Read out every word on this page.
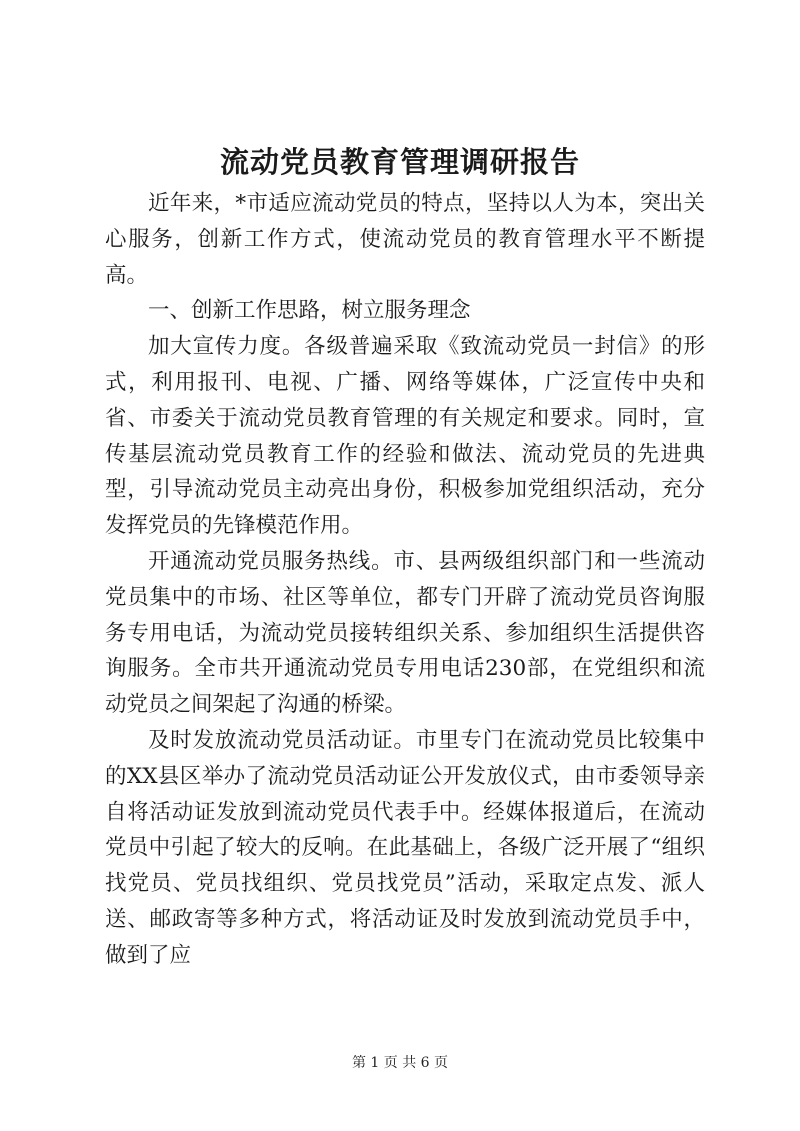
流动党员教育管理调研报告

近年来，*市适应流动党员的特点，坚持以人为本，突出关心服务，创新工作方式，使流动党员的教育管理水平不断提高。

一、创新工作思路，树立服务理念

加大宣传力度。各级普遍采取《致流动党员一封信》的形式，利用报刊、电视、广播、网络等媒体，广泛宣传中央和省、市委关于流动党员教育管理的有关规定和要求。同时，宣传基层流动党员教育工作的经验和做法、流动党员的先进典型，引导流动党员主动亮出身份，积极参加党组织活动，充分发挥党员的先锋模范作用。

开通流动党员服务热线。市、县两级组织部门和一些流动党员集中的市场、社区等单位，都专门开辟了流动党员咨询服务专用电话，为流动党员接转组织关系、参加组织生活提供咨询服务。全市共开通流动党员专用电话230部，在党组织和流动党员之间架起了沟通的桥梁。

及时发放流动党员活动证。市里专门在流动党员比较集中的XX县区举办了流动党员活动证公开发放仪式，由市委领导亲自将活动证发放到流动党员代表手中。经媒体报道后，在流动党员中引起了较大的反响。在此基础上，各级广泛开展了“组织找党员、党员找组织、党员找党员”活动，采取定点发、派人送、邮政寄等多种方式，将活动证及时发放到流动党员手中，做到了应

第 1 页 共 6 页
